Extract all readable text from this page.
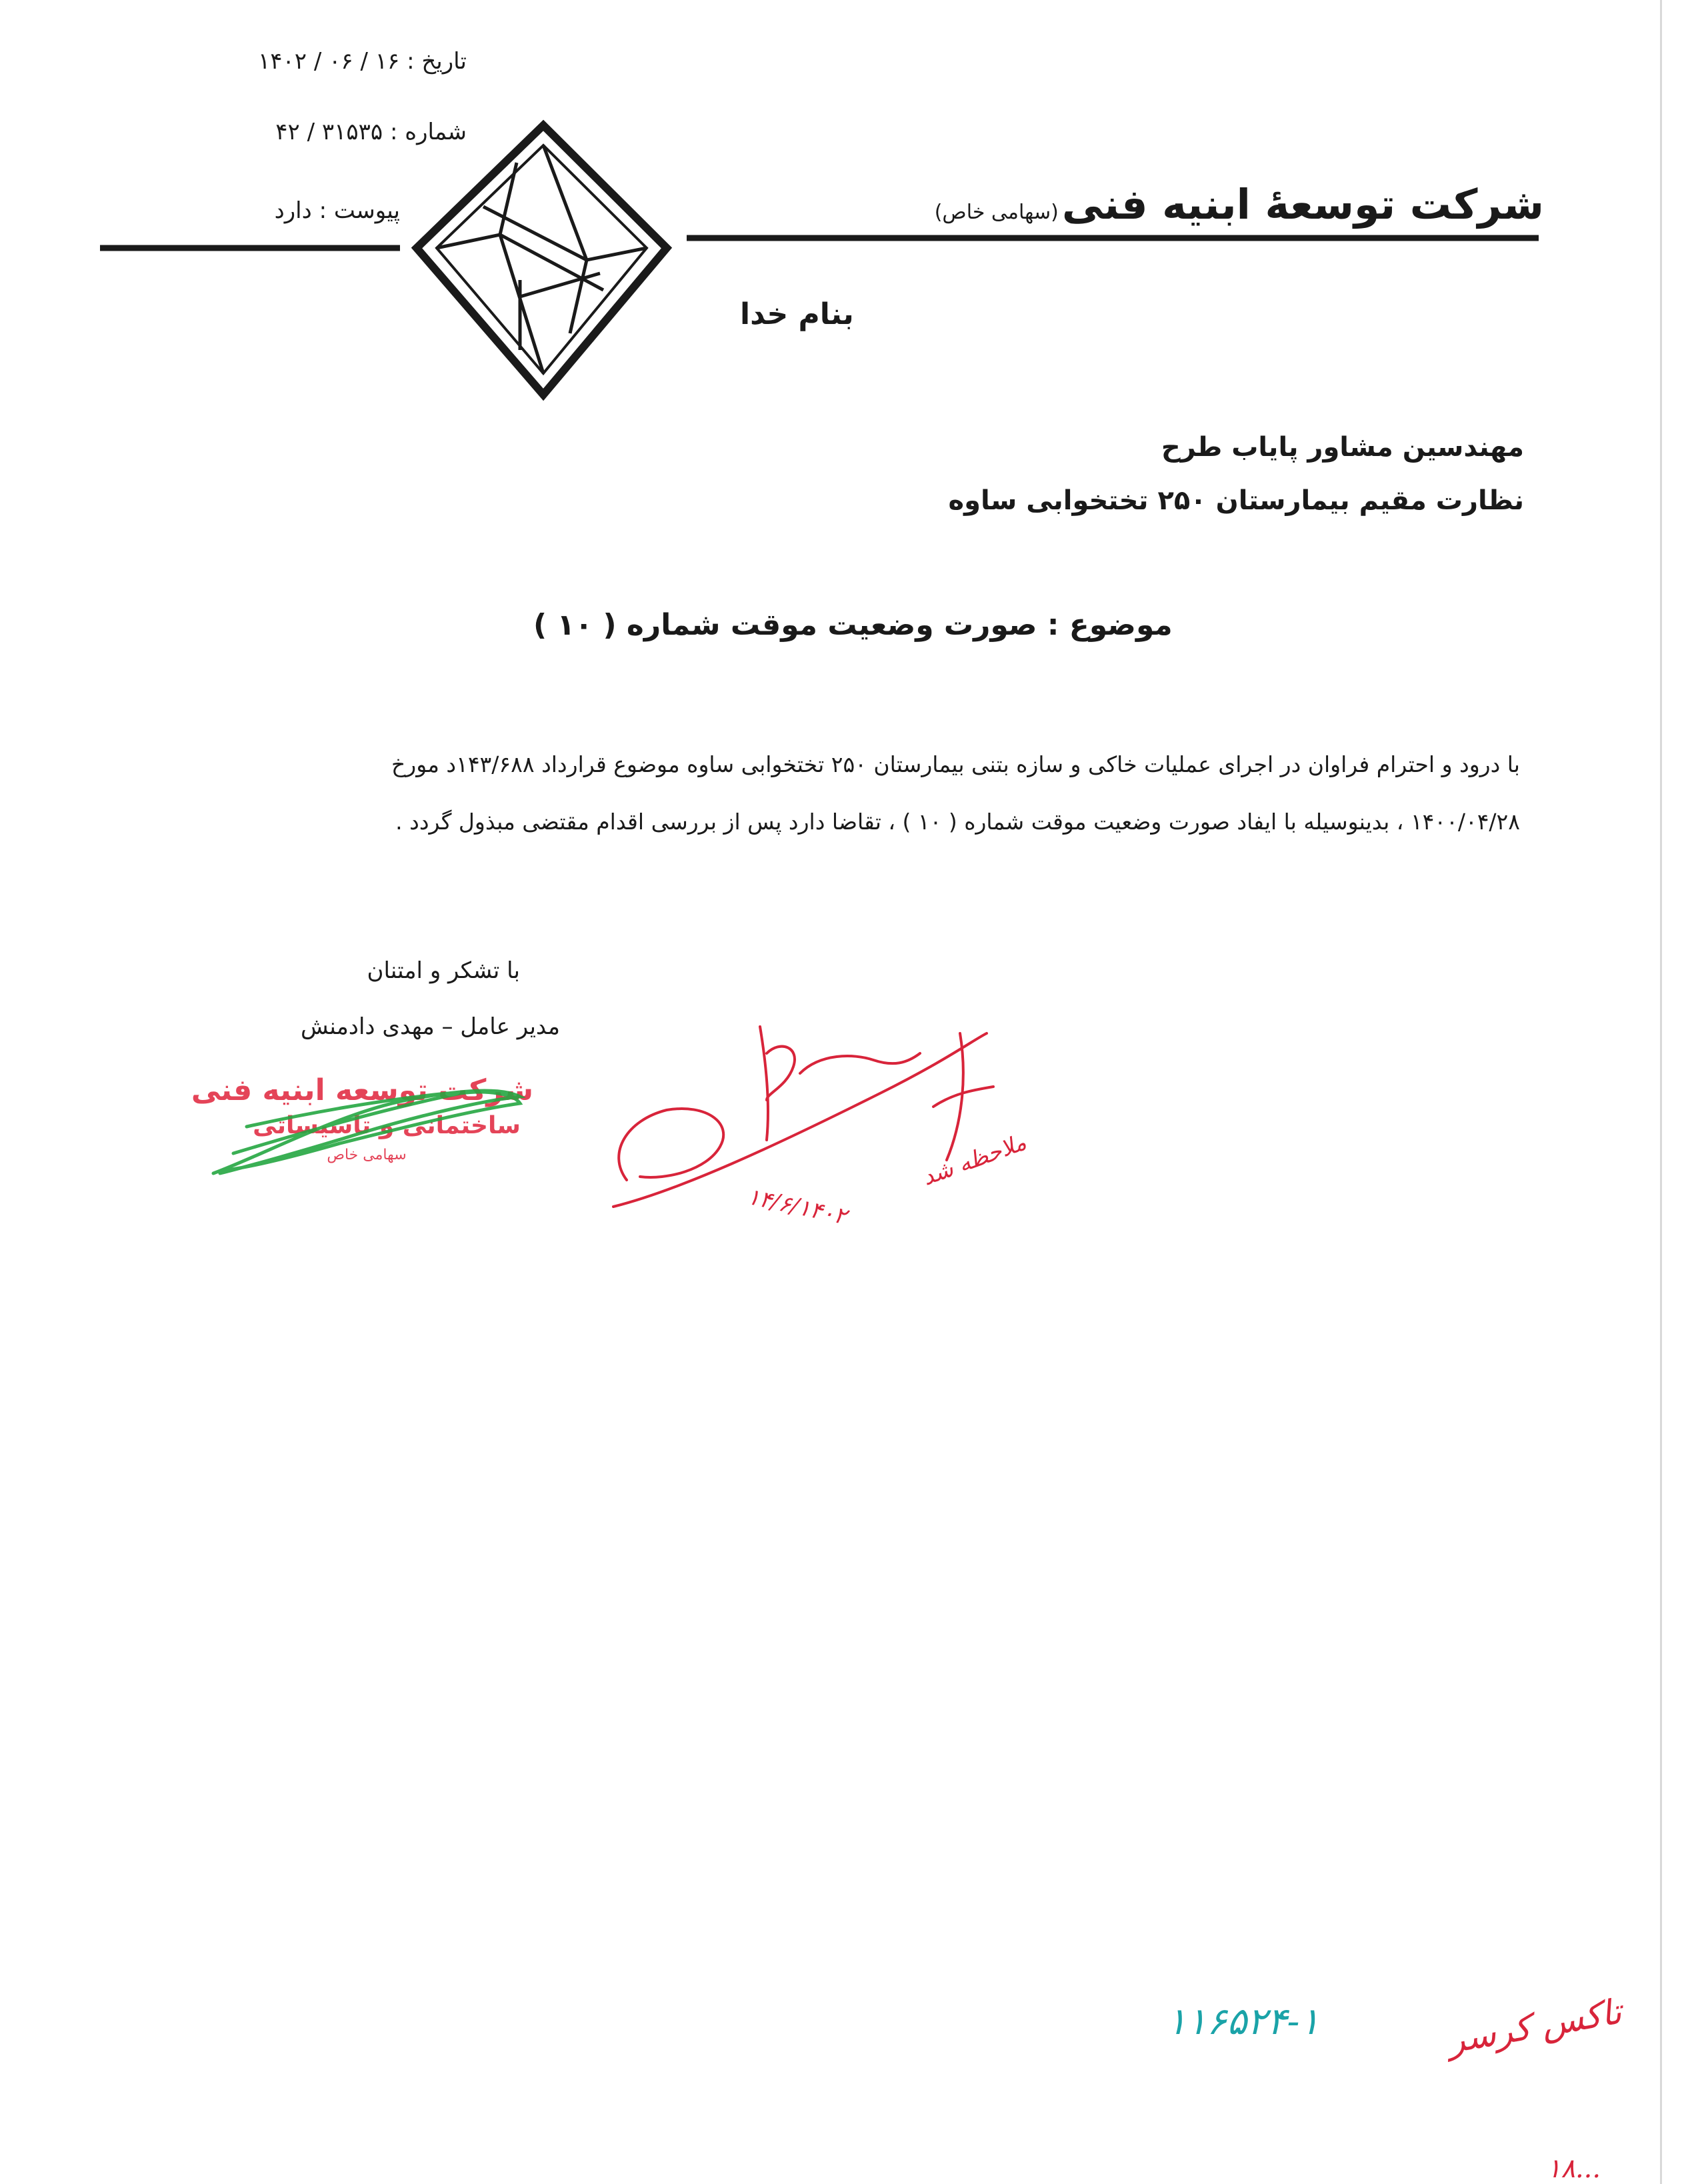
تاریخ : ۱۶ / ۰۶ / ۱۴۰۲
شماره : ۳۱۵۳۵ / ۴۲
پیوست : دارد	شرکت توسعهٔ ابنیه فنی (سهامی خاص)
بنام خدا
مهندسین مشاور پایاب طرح
نظارت مقیم بیمارستان ۲۵۰ تختخوابی ساوه
موضوع : صورت وضعیت موقت شماره ( ۱۰ )
با درود و احترام فراوان در اجرای عملیات خاکی و سازه بتنی بیمارستان ۲۵۰ تختخوابی ساوه موضوع قرارداد ۱۴۳/۶۸۸د مورخ
۱۴۰۰/۰۴/۲۸ ، بدینوسیله با ایفاد صورت وضعیت موقت شماره ( ۱۰ ) ، تقاضا دارد پس از بررسی اقدام مقتضی مبذول گردد .
با تشکر و امتنان
مدیر عامل – مهدی دادمنش
شرکت توسعه ابنیه فنی
ساختمانی و تاسیساتی
سهامی خاص	ملاحظه شد
۱۴/۶/۱۴۰۲
۱۱۶۵۲۴-۱	تاکس کرسر
۱۸...
